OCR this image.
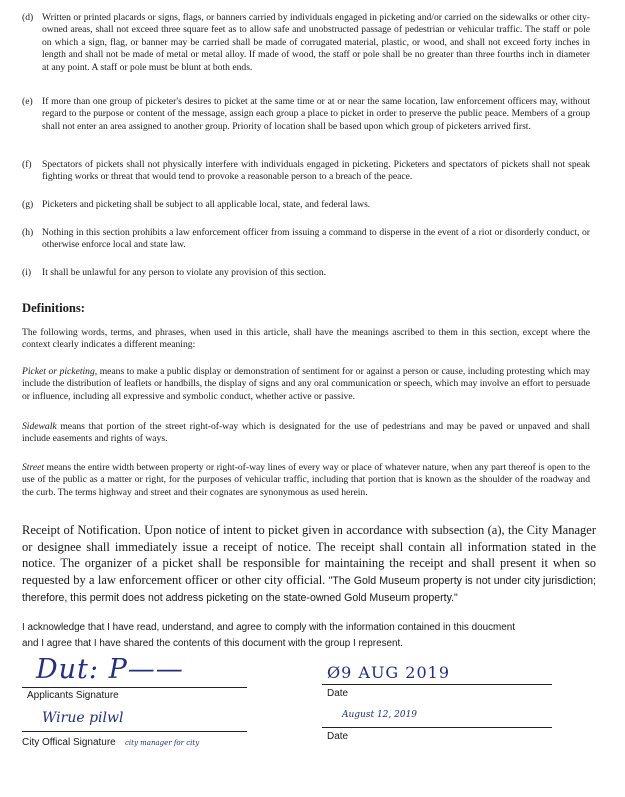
(d) Written or printed placards or signs, flags, or banners carried by individuals engaged in picketing and/or carried on the sidewalks or other city-owned areas, shall not exceed three square feet as to allow safe and unobstructed passage of pedestrian or vehicular traffic. The staff or pole on which a sign, flag, or banner may be carried shall be made of corrugated material, plastic, or wood, and shall not exceed forty inches in length and shall not be made of metal or metal alloy. If made of wood, the staff or pole shall be no greater than three fourths inch in diameter at any point. A staff or pole must be blunt at both ends.
(e) If more than one group of picketer's desires to picket at the same time or at or near the same location, law enforcement officers may, without regard to the purpose or content of the message, assign each group a place to picket in order to preserve the public peace. Members of a group shall not enter an area assigned to another group. Priority of location shall be based upon which group of picketers arrived first.
(f)	Spectators of pickets shall not physically interfere with individuals engaged in picketing. Picketers and spectators of pickets shall not speak fighting works or threat that would tend to provoke a reasonable person to a breach of the peace.
(g) Picketers and picketing shall be subject to all applicable local, state, and federal laws.
(h) Nothing in this section prohibits a law enforcement officer from issuing a command to disperse in the event of a riot or disorderly conduct, or otherwise enforce local and state law.
(i)	It shall be unlawful for any person to violate any provision of this section.
Definitions:
The following words, terms, and phrases, when used in this article, shall have the meanings ascribed to them in this section, except where the context clearly indicates a different meaning:
Picket or picketing, means to make a public display or demonstration of sentiment for or against a person or cause, including protesting which may include the distribution of leaflets or handbills, the display of signs and any oral communication or speech, which may involve an effort to persuade or influence, including all expressive and symbolic conduct, whether active or passive.
Sidewalk means that portion of the street right-of-way which is designated for the use of pedestrians and may be paved or unpaved and shall include easements and rights of ways.
Street means the entire width between property or right-of-way lines of every way or place of whatever nature, when any part thereof is open to the use of the public as a matter or right, for the purposes of vehicular traffic, including that portion that is known as the shoulder of the roadway and the curb. The terms highway and street and their cognates are synonymous as used herein.
Receipt of Notification. Upon notice of intent to picket given in accordance with subsection (a), the City Manager or designee shall immediately issue a receipt of notice. The receipt shall contain all information stated in the notice. The organizer of a picket shall be responsible for maintaining the receipt and shall present it when so requested by a law enforcement officer or other city official. "The Gold Museum property is not under city jurisdiction; therefore, this permit does not address picketing on the state-owned Gold Museum property."
I acknowledge that I have read, understand, and agree to comply with the information contained in this doucment
and I agree that I have shared the contents of this document with the group I represent.
Dut: P——
Applicants Signature
Ø9 AUG 2019
Date
Wirue pilwl
City Offical Signature city manager for city
August 12, 2019
Date
